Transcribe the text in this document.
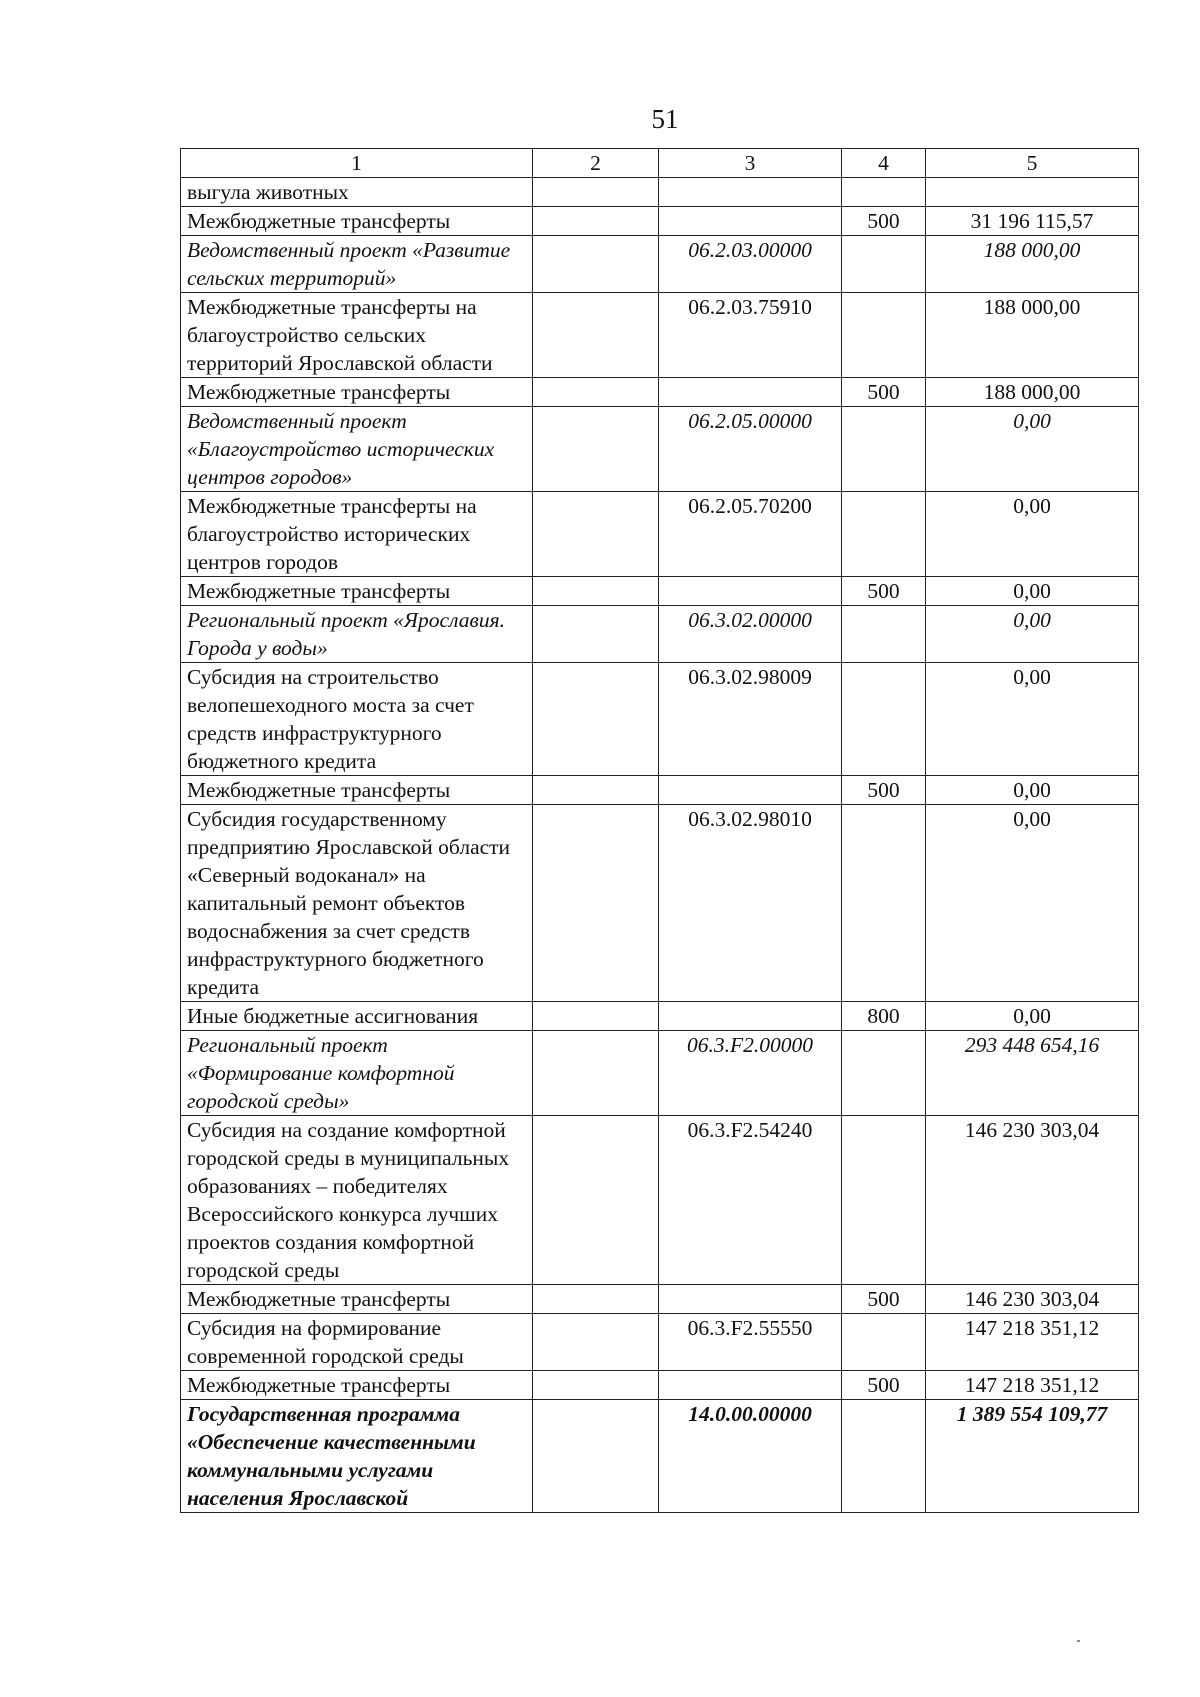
51
1	2	3	4	5
выгула животных				
Межбюджетные трансферты			500	31 196 115,57
Ведомственный проект «Развитие сельских территорий»		06.2.03.00000		188 000,00
Межбюджетные трансферты на благоустройство сельских территорий Ярославской области		06.2.03.75910		188 000,00
Межбюджетные трансферты			500	188 000,00
Ведомственный проект «Благоустройство исторических центров городов»		06.2.05.00000		0,00
Межбюджетные трансферты на благоустройство исторических центров городов		06.2.05.70200		0,00
Межбюджетные трансферты			500	0,00
Региональный проект «Ярославия. Города у воды»		06.3.02.00000		0,00
Субсидия на строительство велопешеходного моста за счет средств инфраструктурного бюджетного кредита		06.3.02.98009		0,00
Межбюджетные трансферты			500	0,00
Субсидия государственному предприятию Ярославской области «Северный водоканал» на капитальный ремонт объектов водоснабжения за счет средств инфраструктурного бюджетного кредита		06.3.02.98010		0,00
Иные бюджетные ассигнования			800	0,00
Региональный проект «Формирование комфортной городской среды»		06.3.F2.00000		293 448 654,16
Субсидия на создание комфортной городской среды в муниципальных образованиях – победителях Всероссийского конкурса лучших проектов создания комфортной городской среды		06.3.F2.54240		146 230 303,04
Межбюджетные трансферты			500	146 230 303,04
Субсидия на формирование современной городской среды		06.3.F2.55550		147 218 351,12
Межбюджетные трансферты			500	147 218 351,12
Государственная программа «Обеспечение качественными коммунальными услугами населения Ярославской		14.0.00.00000		1 389 554 109,77
